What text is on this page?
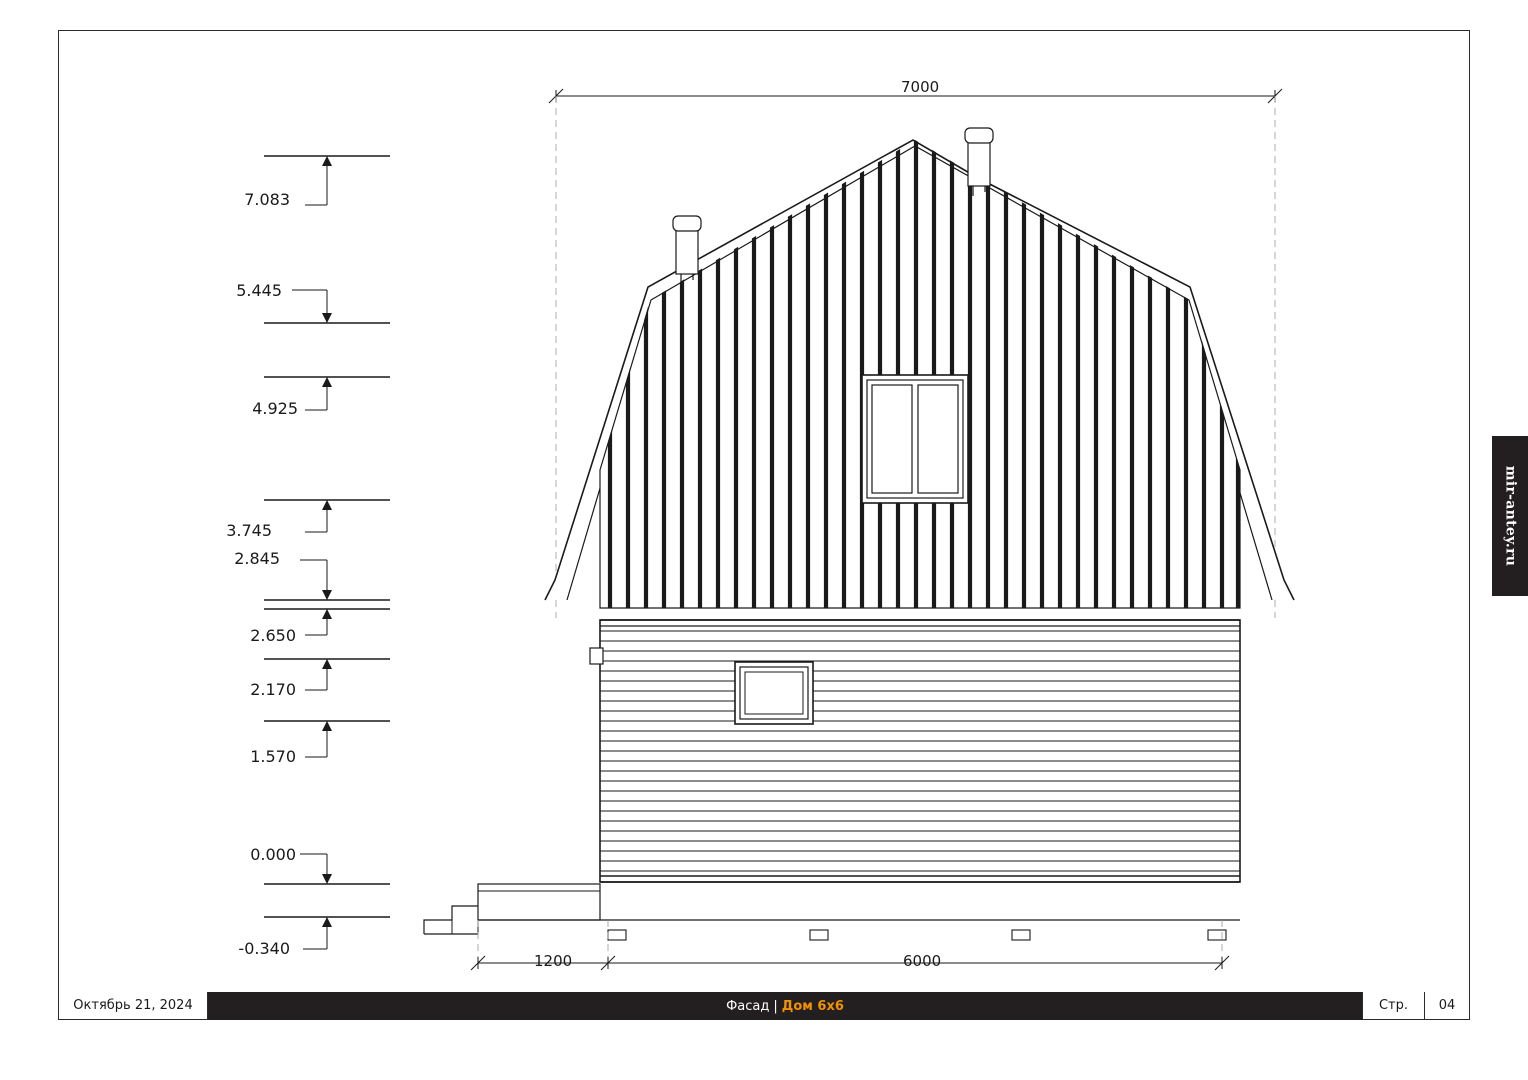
7.083
5.445
4.925
3.745
2.845
2.650
2.170
1.570
0.000
-0.340
7000
1200	6000
mir-antey.ru
Октябрь 21, 2024	Фасад | Дом 6х6	Стр.	04
